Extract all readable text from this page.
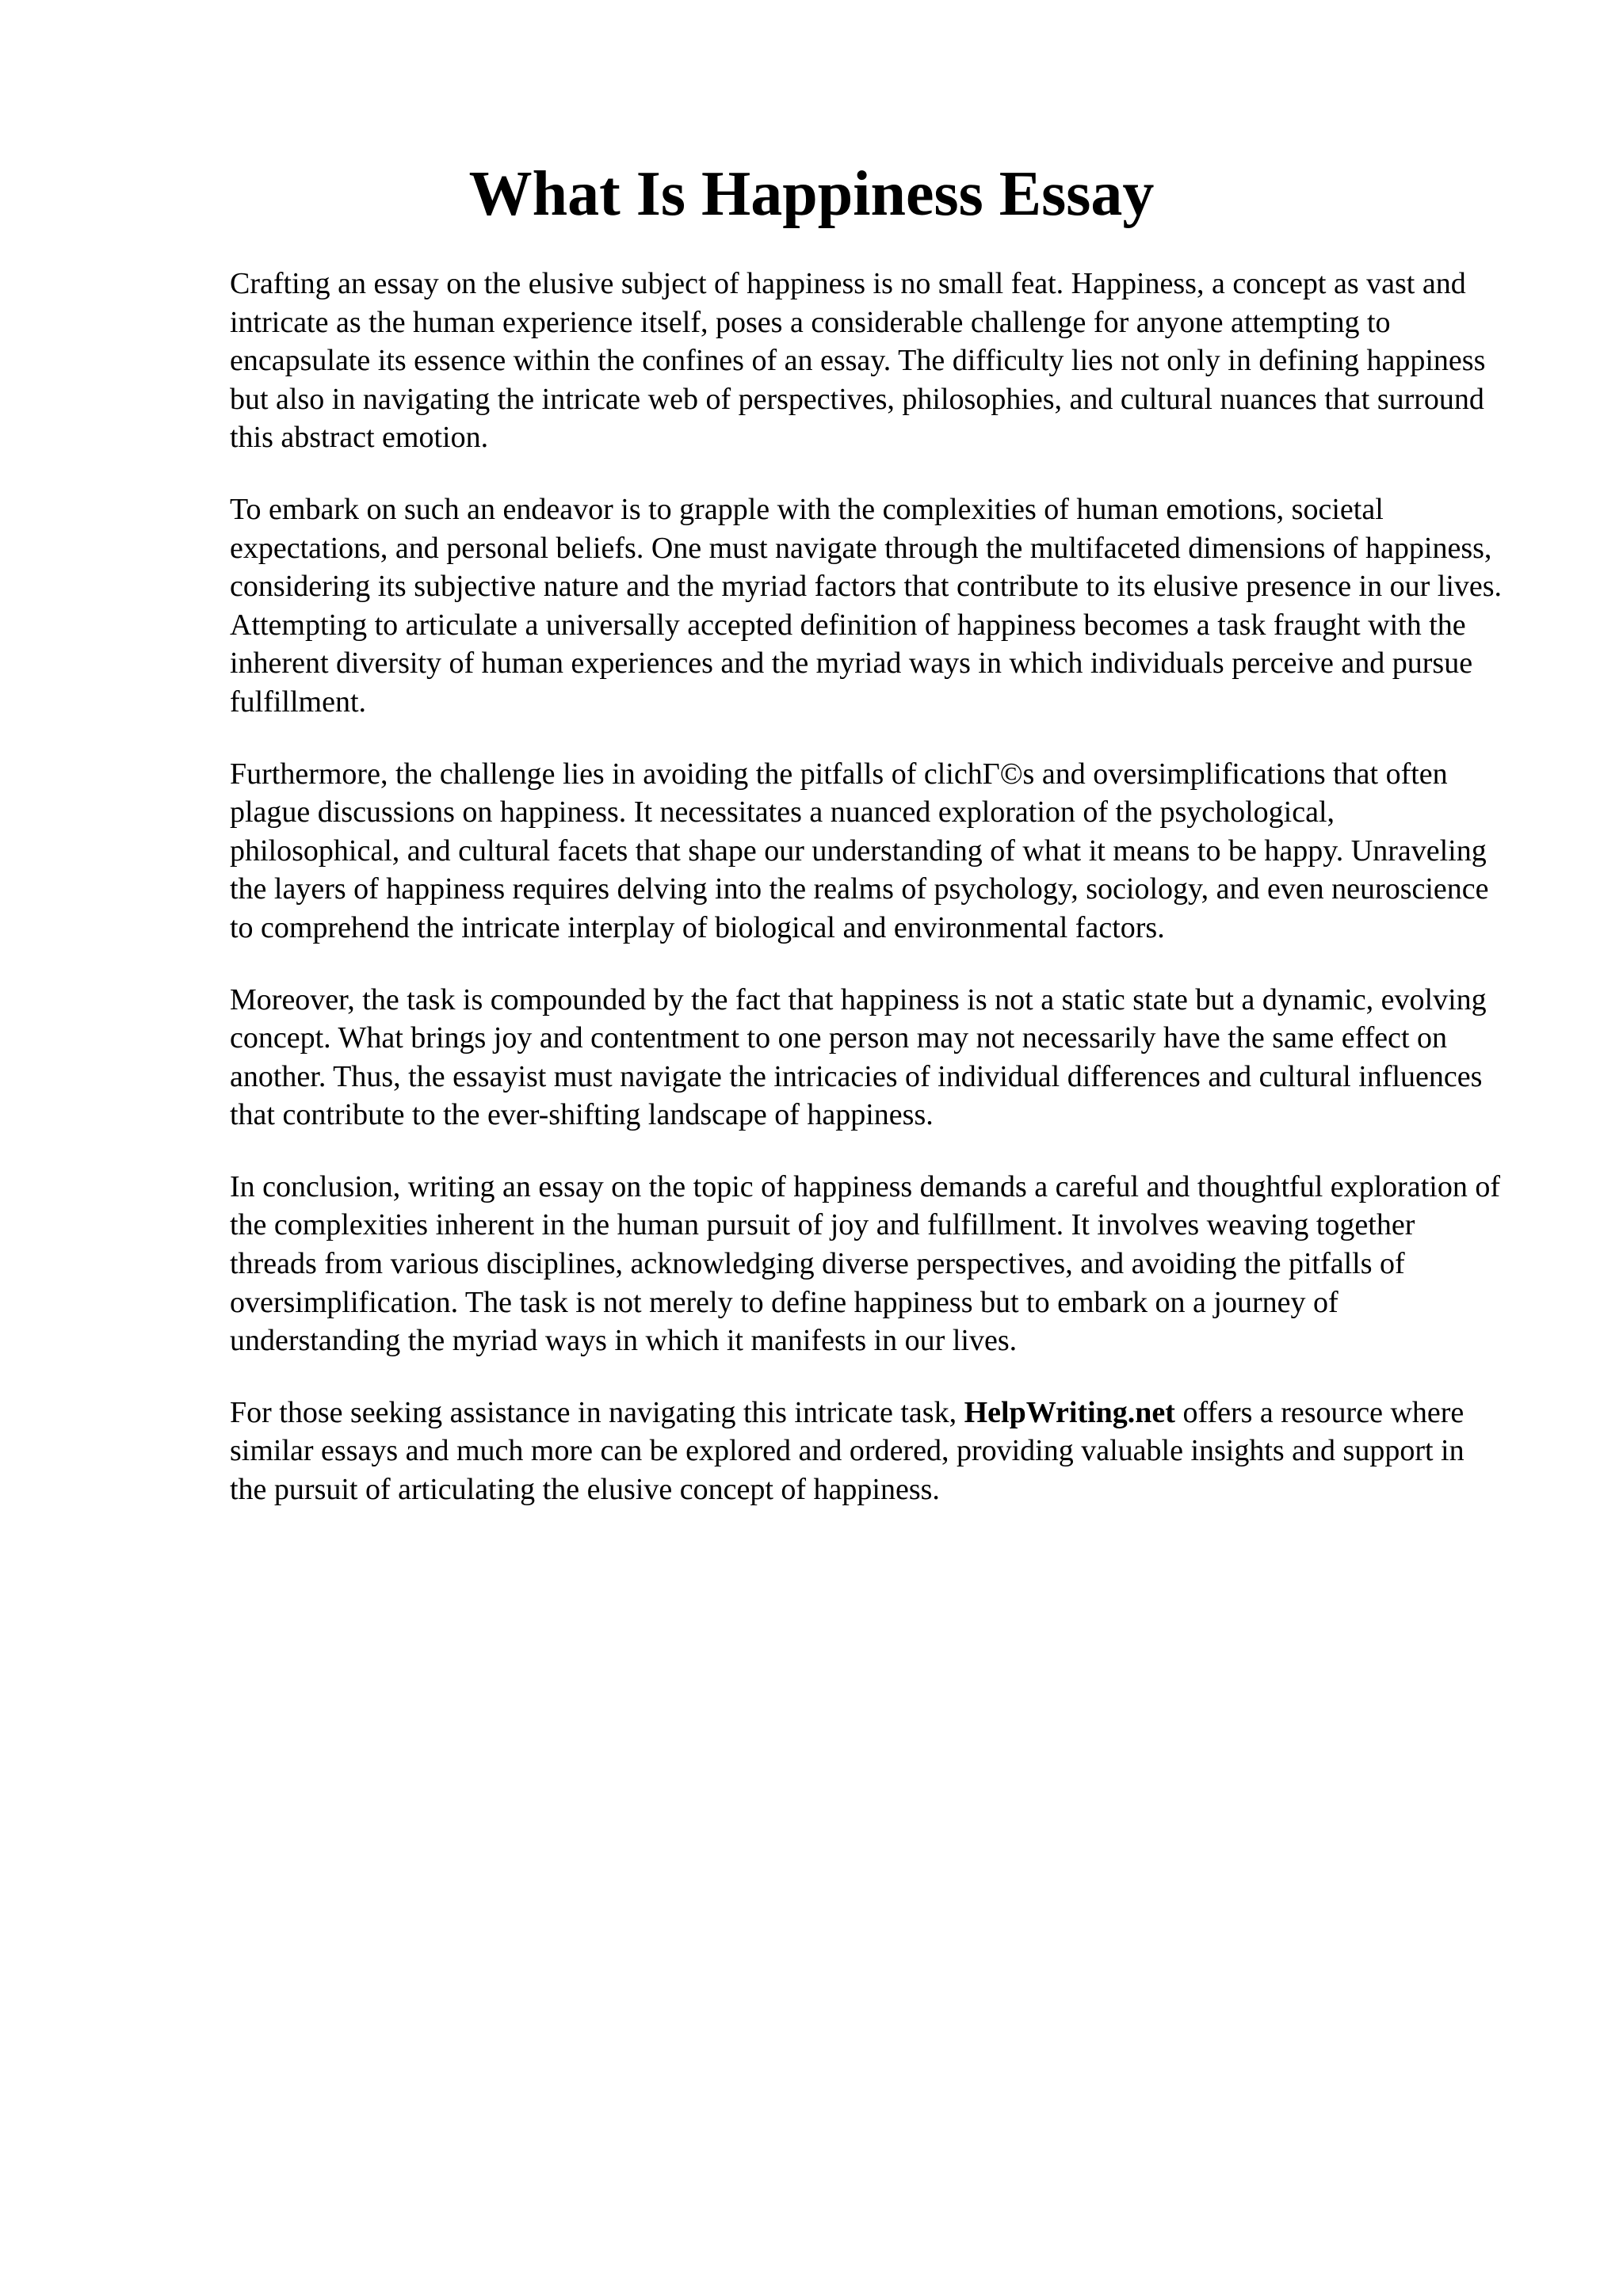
What Is Happiness Essay

Crafting an essay on the elusive subject of happiness is no small feat. Happiness, a concept as vast and intricate as the human experience itself, poses a considerable challenge for anyone attempting to encapsulate its essence within the confines of an essay. The difficulty lies not only in defining happiness but also in navigating the intricate web of perspectives, philosophies, and cultural nuances that surround this abstract emotion.

To embark on such an endeavor is to grapple with the complexities of human emotions, societal expectations, and personal beliefs. One must navigate through the multifaceted dimensions of happiness, considering its subjective nature and the myriad factors that contribute to its elusive presence in our lives. Attempting to articulate a universally accepted definition of happiness becomes a task fraught with the inherent diversity of human experiences and the myriad ways in which individuals perceive and pursue fulfillment.

Furthermore, the challenge lies in avoiding the pitfalls of clichΓ©s and oversimplifications that often plague discussions on happiness. It necessitates a nuanced exploration of the psychological, philosophical, and cultural facets that shape our understanding of what it means to be happy. Unraveling the layers of happiness requires delving into the realms of psychology, sociology, and even neuroscience to comprehend the intricate interplay of biological and environmental factors.

Moreover, the task is compounded by the fact that happiness is not a static state but a dynamic, evolving concept. What brings joy and contentment to one person may not necessarily have the same effect on another. Thus, the essayist must navigate the intricacies of individual differences and cultural influences that contribute to the ever-shifting landscape of happiness.

In conclusion, writing an essay on the topic of happiness demands a careful and thoughtful exploration of the complexities inherent in the human pursuit of joy and fulfillment. It involves weaving together threads from various disciplines, acknowledging diverse perspectives, and avoiding the pitfalls of oversimplification. The task is not merely to define happiness but to embark on a journey of understanding the myriad ways in which it manifests in our lives.

For those seeking assistance in navigating this intricate task, HelpWriting.net offers a resource where similar essays and much more can be explored and ordered, providing valuable insights and support in the pursuit of articulating the elusive concept of happiness.
